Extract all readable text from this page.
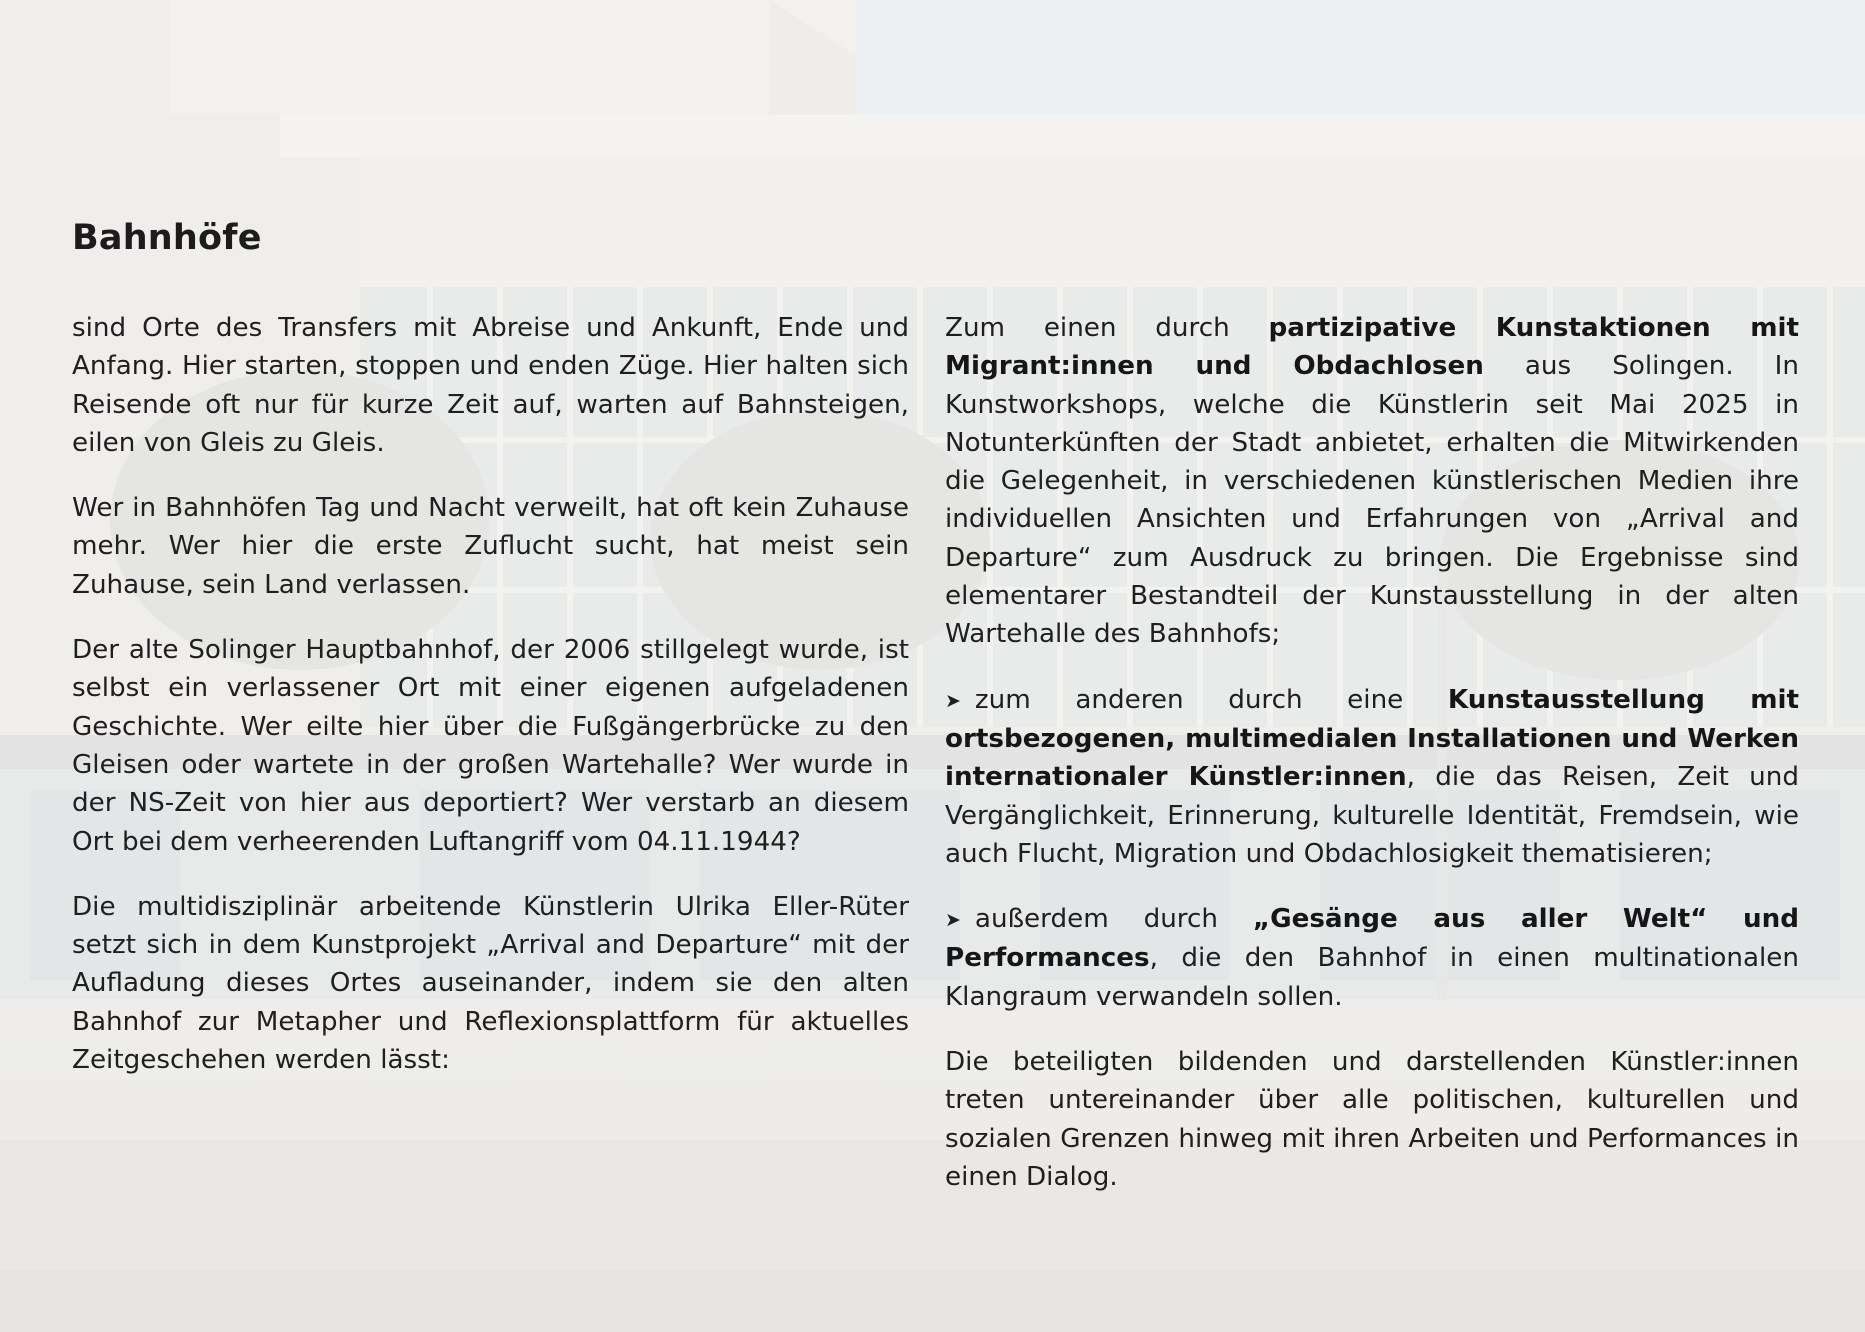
Bahnhöfe

sind Orte des Transfers mit Abreise und Ankunft, Ende und Anfang. Hier starten, stoppen und enden Züge. Hier halten sich Reisende oft nur für kurze Zeit auf, warten auf Bahnsteigen, eilen von Gleis zu Gleis.

Wer in Bahnhöfen Tag und Nacht verweilt, hat oft kein Zuhause mehr. Wer hier die erste Zuflucht sucht, hat meist sein Zuhause, sein Land verlassen.

Der alte Solinger Hauptbahnhof, der 2006 stillgelegt wurde, ist selbst ein verlassener Ort mit einer eigenen aufgeladenen Geschichte. Wer eilte hier über die Fußgängerbrücke zu den Gleisen oder wartete in der großen Wartehalle? Wer wurde in der NS-Zeit von hier aus deportiert? Wer verstarb an diesem Ort bei dem verheerenden Luftangriff vom 04.11.1944?

Die multidisziplinär arbeitende Künstlerin Ulrika Eller-Rüter setzt sich in dem Kunstprojekt „Arrival and Departure“ mit der Aufladung dieses Ortes auseinander, indem sie den alten Bahnhof zur Metapher und Reflexionsplattform für aktuelles Zeitgeschehen werden lässt:

Zum einen durch partizipative Kunstaktionen mit Migrant:innen und Obdachlosen aus Solingen. In Kunstworkshops, welche die Künstlerin seit Mai 2025 in Notunterkünften der Stadt anbietet, erhalten die Mitwirkenden die Gelegenheit, in verschiedenen künstlerischen Medien ihre individuellen Ansichten und Erfahrungen von „Arrival and Departure“ zum Ausdruck zu bringen. Die Ergebnisse sind elementarer Bestandteil der Kunstausstellung in der alten Wartehalle des Bahnhofs;

➤ zum anderen durch eine Kunstausstellung mit ortsbezogenen, multimedialen Installationen und Werken internationaler Künstler:innen, die das Reisen, Zeit und Vergänglichkeit, Erinnerung, kulturelle Identität, Fremdsein, wie auch Flucht, Migration und Obdachlosigkeit thematisieren;

➤ außerdem durch „Gesänge aus aller Welt“ und Performances, die den Bahnhof in einen multinationalen Klangraum verwandeln sollen.

Die beteiligten bildenden und darstellenden Künstler:innen treten untereinander über alle politischen, kulturellen und sozialen Grenzen hinweg mit ihren Arbeiten und Performances in einen Dialog.
